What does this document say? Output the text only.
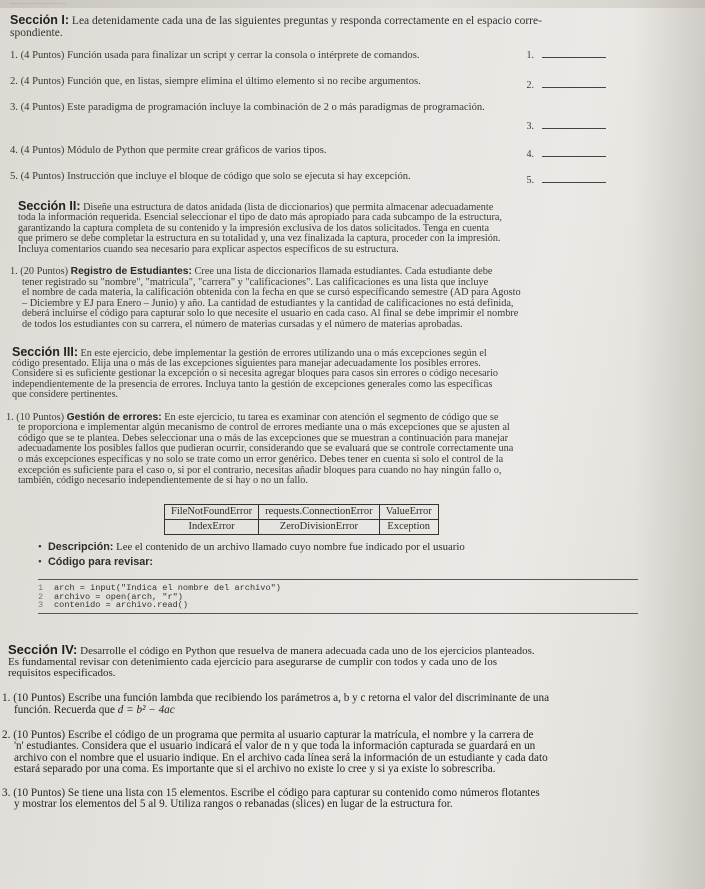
—— ——— ——— ——— ——
Sección I: Lea detenidamente cada una de las siguientes preguntas y responda correctamente en el espacio corre-
spondiente.
1. (4 Puntos) Función usada para finalizar un script y cerrar la consola o intérprete de comandos.	1.
2. (4 Puntos) Función que, en listas, siempre elimina el último elemento si no recibe argumentos.	2.
3. (4 Puntos) Este paradigma de programación incluye la combinación de 2 o más paradigmas de programación.
3.
4. (4 Puntos) Módulo de Python que permite crear gráficos de varios tipos.	4.
5. (4 Puntos) Instrucción que incluye el bloque de código que solo se ejecuta si hay excepción.	5.
Sección II: Diseñe una estructura de datos anidada (lista de diccionarios) que permita almacenar adecuadamente
toda la información requerida. Esencial seleccionar el tipo de dato más apropiado para cada subcampo de la estructura,
garantizando la captura completa de su contenido y la impresión exclusiva de los datos solicitados. Tenga en cuenta
que primero se debe completar la estructura en su totalidad y, una vez finalizada la captura, proceder con la impresión.
Incluya comentarios cuando sea necesario para explicar aspectos específicos de su estructura.
1. (20 Puntos) Registro de Estudiantes: Cree una lista de diccionarios llamada estudiantes. Cada estudiante debe
tener registrado su "nombre", "matricula", "carrera" y "calificaciones". Las calificaciones es una lista que incluye
el nombre de cada materia, la calificación obtenida con la fecha en que se cursó específicando semestre (AD para Agosto
– Diciembre y EJ para Enero – Junio) y año. La cantidad de estudiantes y la cantidad de calificaciones no está definida,
deberá incluirse el código para capturar solo lo que necesite el usuario en cada caso. Al final se debe imprimir el nombre
de todos los estudiantes con su carrera, el número de materias cursadas y el número de materias aprobadas.
Sección III: En este ejercicio, debe implementar la gestión de errores utilizando una o más excepciones según el
código presentado. Elija una o más de las excepciones siguientes para manejar adecuadamente los posibles errores.
Considere si es suficiente gestionar la excepción o si necesita agregar bloques para casos sin errores o código necesario
independientemente de la presencia de errores. Incluya tanto la gestión de excepciones generales como las específicas
que considere pertinentes.
1. (10 Puntos) Gestión de errores: En este ejercicio, tu tarea es examinar con atención el segmento de código que se
te proporciona e implementar algún mecanismo de control de errores mediante una o más excepciones que se ajusten al
código que se te plantea. Debes seleccionar una o más de las excepciones que se muestran a continuación para manejar
adecuadamente los posibles fallos que pudieran ocurrir, considerando que se evaluará que se controle correctamente una
o más excepciones específicas y no solo se trate como un error genérico. Debes tener en cuenta si solo el control de la
excepción es suficiente para el caso o, si por el contrario, necesitas añadir bloques para cuando no hay ningún fallo o,
también, código necesario independientemente de si hay o no un fallo.
FileNotFoundError	requests.ConnectionError	ValueError
IndexError	ZeroDivisionError	Exception
• Descripción: Lee el contenido de un archivo llamado cuyo nombre fue indicado por el usuario
• Código para revisar:
1 arch = input("Indica el nombre del archivo")
2 archivo = open(arch, "r")
3 contenido = archivo.read()
Sección IV: Desarrolle el código en Python que resuelva de manera adecuada cada uno de los ejercicios planteados.
Es fundamental revisar con detenimiento cada ejercicio para asegurarse de cumplir con todos y cada uno de los
requisitos especificados.
1. (10 Puntos) Escribe una función lambda que recibiendo los parámetros a, b y c retorna el valor del discriminante de una
función. Recuerda que d = b² − 4ac
2. (10 Puntos) Escribe el código de un programa que permita al usuario capturar la matrícula, el nombre y la carrera de
'n' estudiantes. Considera que el usuario indicará el valor de n y que toda la información capturada se guardará en un
archivo con el nombre que el usuario indique. En el archivo cada línea será la información de un estudiante y cada dato
estará separado por una coma. Es importante que si el archivo no existe lo cree y si ya existe lo sobrescriba.
3. (10 Puntos) Se tiene una lista con 15 elementos. Escribe el código para capturar su contenido como números flotantes
y mostrar los elementos del 5 al 9. Utiliza rangos o rebanadas (slices) en lugar de la estructura for.
